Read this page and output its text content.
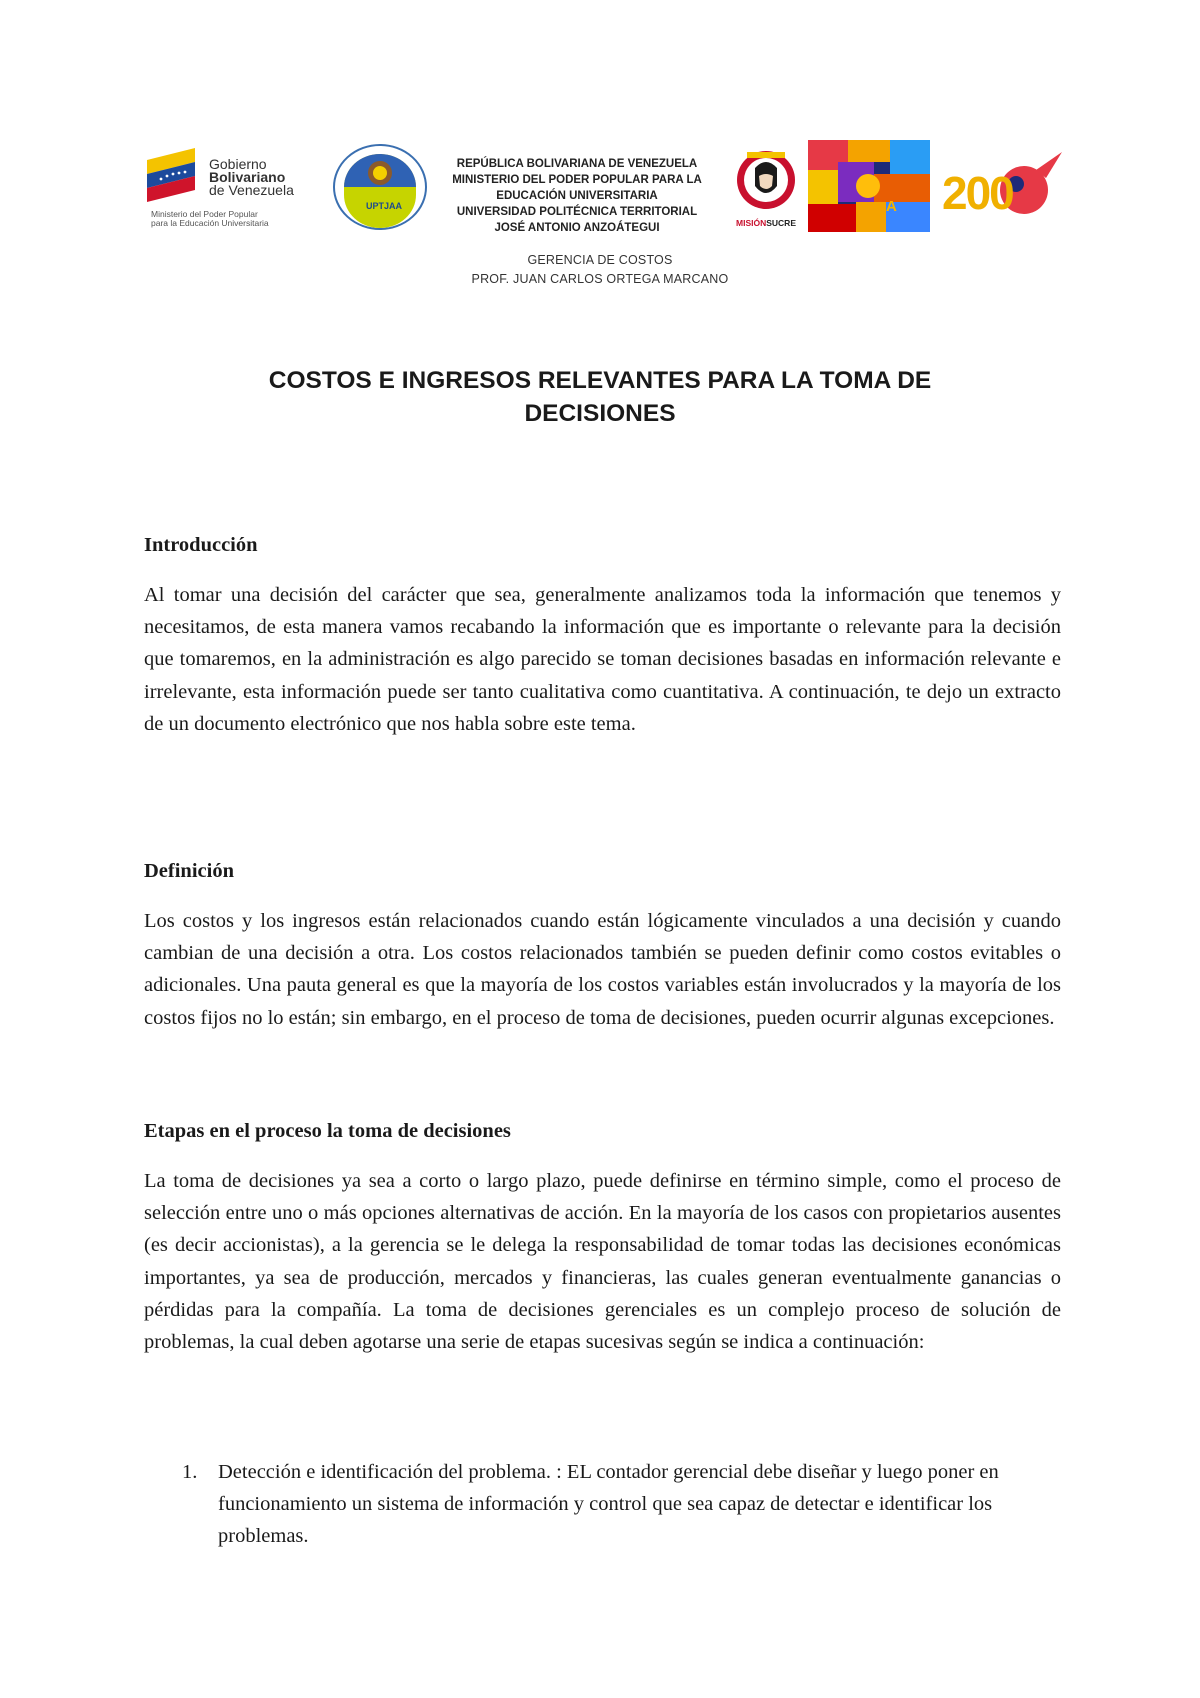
Gobierno
Bolivariano
de Venezuela
Ministerio del Poder Popular
para la Educación Universitaria
UPTJAA
REPÚBLICA BOLIVARIANA DE VENEZUELA
MINISTERIO DEL PODER POPULAR PARA LA
EDUCACIÓN UNIVERSITARIA
UNIVERSIDAD POLITÉCNICA TERRITORIAL
JOSÉ ANTONIO ANZOÁTEGUI	MISIÓNSUCRE
A 200
GERENCIA DE COSTOS
PROF. JUAN CARLOS ORTEGA MARCANO
COSTOS E INGRESOS RELEVANTES PARA LA TOMA DE
DECISIONES
Introducción

Al tomar una decisión del carácter que sea, generalmente analizamos toda la información que tenemos y necesitamos, de esta manera vamos recabando la información que es importante o relevante para la decisión que tomaremos, en la administración es algo parecido se toman decisiones basadas en información relevante e irrelevante, esta información puede ser tanto cualitativa como cuantitativa. A continuación, te dejo un extracto de un documento electrónico que nos habla sobre este tema.

Definición

Los costos y los ingresos están relacionados cuando están lógicamente vinculados a una decisión y cuando cambian de una decisión a otra. Los costos relacionados también se pueden definir como costos evitables o adicionales. Una pauta general es que la mayoría de los costos variables están involucrados y la mayoría de los costos fijos no lo están; sin embargo, en el proceso de toma de decisiones, pueden ocurrir algunas excepciones.

Etapas en el proceso la toma de decisiones

La toma de decisiones ya sea a corto o largo plazo, puede definirse en término simple, como el proceso de selección entre uno o más opciones alternativas de acción. En la mayoría de los casos con propietarios ausentes (es decir accionistas), a la gerencia se le delega la responsabilidad de tomar todas las decisiones económicas importantes, ya sea de producción, mercados y financieras, las cuales generan eventualmente ganancias o pérdidas para la compañía. La toma de decisiones gerenciales es un complejo proceso de solución de problemas, la cual deben agotarse una serie de etapas sucesivas según se indica a continuación:

1. Detección e identificación del problema. : EL contador gerencial debe diseñar y luego poner en funcionamiento un sistema de información y control que sea capaz de detectar e identificar los problemas.
